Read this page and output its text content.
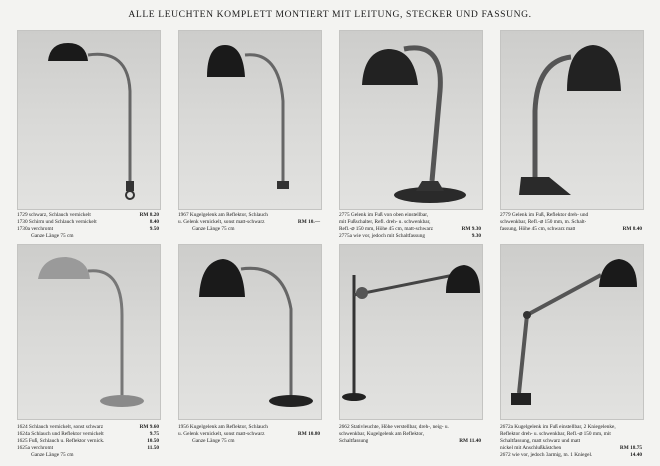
ALLE LEUCHTEN KOMPLETT MONTIERT MIT LEITUNG, STECKER UND FASSUNG.
1729 schwarz, Schlauch vernickelt	RM 8.20
1730 Schirm und Schlauch vernickelt	8.40
1730a verchromt	9.50
Ganze Länge 75 cm
1967 Kugelgelenk am Reflektor, Schlauch
u. Gelenk vernickelt, sonst matt-schwarz	RM 10.—
Ganze Länge 75 cm
2775 Gelenk im Fuß von oben einstellbar,
mit Fußschalter, Refl. dreh- u. schwenkbar,
Refl.-⌀ 150 mm, Höhe 45 cm, matt-schwarz	RM 9.30
2775a wie vor, jedoch mit Schaltfassung	9.30
2779 Gelenk im Fuß, Reflektor dreh- und
schwenkbar, Refl.-⌀ 150 mm, m. Schalt-
fassung, Höhe 45 cm, schwarz matt	RM 8.40
1624 Schlauch vernickelt, sonst schwarz	RM 9.60
1624a Schlauch und Reflektor vernickelt	9.75
1625 Fuß, Schlauch u. Reflektor vernick.	10.50
1625a verchromt	11.50
Ganze Länge 75 cm
1956 Kugelgelenk am Reflektor, Schlauch
u. Gelenk vernickelt, sonst matt-schwarz	RM 10.80
Ganze Länge 75 cm
2662 Stativleuchte, Höhe verstellbar, dreh-, neig- u.
schwenkbar, Kugelgelenk am Reflektor,
Schaltfassung	RM 11.40
2672a Kugelgelenk im Fuß einstellbar, 2 Kniegelenke,
Reflektor dreh- u. schwenkbar, Refl.-⌀ 150 mm, mit
Schaltfassung, matt schwarz und matt
nickel mit Anschlußkästchen	RM 18.75
2672 wie vor, jedoch 3armig, m. 1 Kniegel.	14.40
